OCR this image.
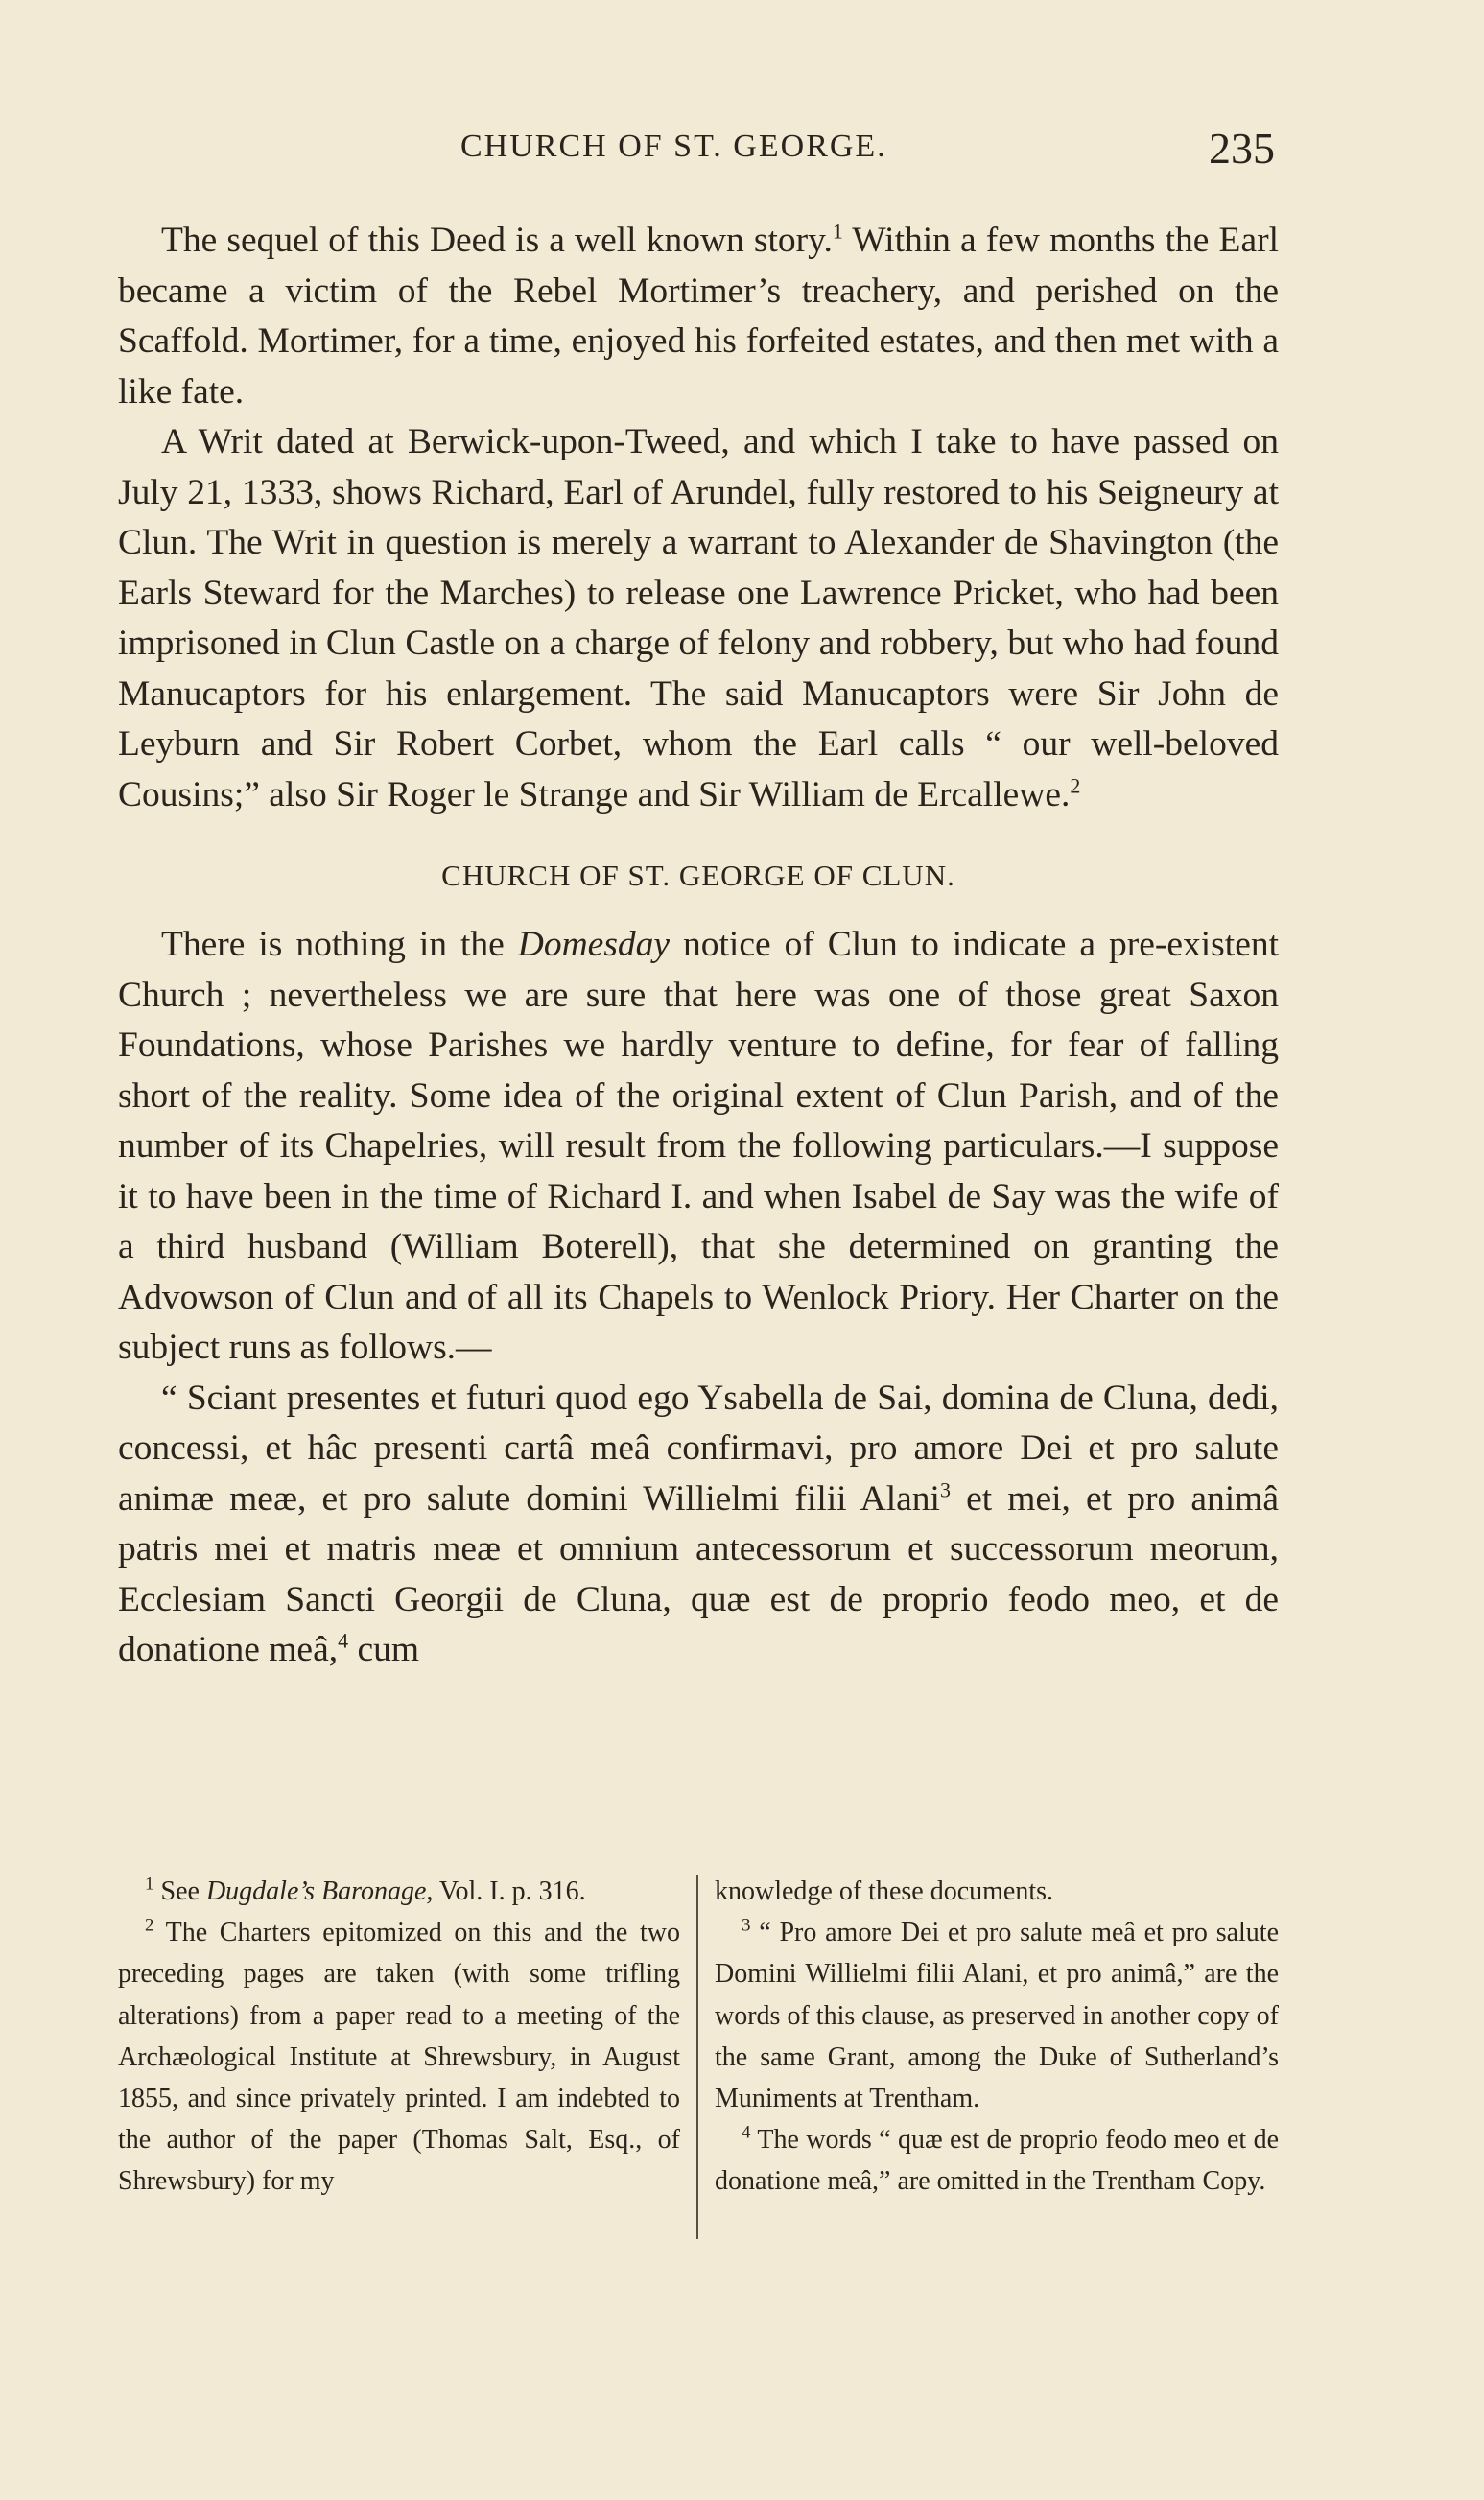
CHURCH OF ST. GEORGE.	235

The sequel of this Deed is a well known story.$^1$ Within a few months the Earl became a victim of the Rebel Mortimer’s treachery, and perished on the Scaffold. Mortimer, for a time, enjoyed his forfeited estates, and then met with a like fate.

A Writ dated at Berwick-upon-Tweed, and which I take to have passed on July 21, 1333, shows Richard, Earl of Arundel, fully restored to his Seigneury at Clun. The Writ in question is merely a warrant to Alexander de Shavington (the Earls Steward for the Marches) to release one Lawrence Pricket, who had been imprisoned in Clun Castle on a charge of felony and robbery, but who had found Manucaptors for his enlargement. The said Manucaptors were Sir John de Leyburn and Sir Robert Corbet, whom the Earl calls “ our well-beloved Cousins;” also Sir Roger le Strange and Sir William de Ercallewe.$^2$

CHURCH OF ST. GEORGE OF CLUN.

There is nothing in the Domesday notice of Clun to indicate a pre-existent Church ; nevertheless we are sure that here was one of those great Saxon Foundations, whose Parishes we hardly venture to define, for fear of falling short of the reality. Some idea of the original extent of Clun Parish, and of the number of its Chapelries, will result from the following particulars.—I suppose it to have been in the time of Richard I. and when Isabel de Say was the wife of a third husband (William Boterell), that she determined on granting the Advowson of Clun and of all its Chapels to Wenlock Priory. Her Charter on the subject runs as follows.—

“ Sciant presentes et futuri quod ego Ysabella de Sai, domina de Cluna, dedi, concessi, et hâc presenti cartâ meâ confirmavi, pro amore Dei et pro salute animæ meæ, et pro salute domini Willielmi filii Alani$^3$ et mei, et pro animâ patris mei et matris meæ et omnium antecessorum et successorum meorum, Ecclesiam Sancti Georgii de Cluna, quæ est de proprio feodo meo, et de donatione meâ,$^4$ cum

$^1$ See Dugdale’s Baronage, Vol. I. p. 316.

$^2$ The Charters epitomized on this and the two preceding pages are taken (with some trifling alterations) from a paper read to a meeting of the Archæological Institute at Shrewsbury, in August 1855, and since privately printed. I am indebted to the author of the paper (Thomas Salt, Esq., of Shrewsbury) for my

knowledge of these documents.

$^3$ “ Pro amore Dei et pro salute meâ et pro salute Domini Willielmi filii Alani, et pro animâ,” are the words of this clause, as preserved in another copy of the same Grant, among the Duke of Sutherland’s Muniments at Trentham.

$^4$ The words “ quæ est de proprio feodo meo et de donatione meâ,” are omitted in the Trentham Copy.
